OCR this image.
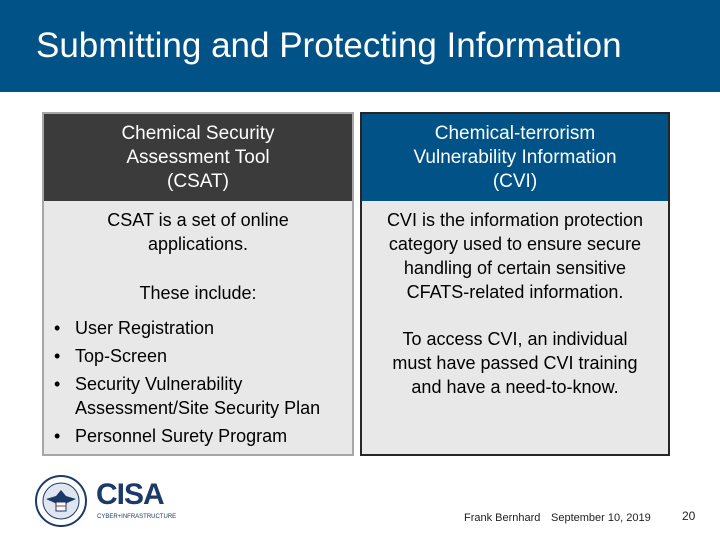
Submitting and Protecting Information
Chemical Security
Assessment Tool
(CSAT)

CSAT is a set of online
applications.

These include:

• User Registration
• Top-Screen
• Security Vulnerability
Assessment/Site Security Plan
• Personnel Surety Program
Chemical-terrorism
Vulnerability Information
(CVI)

CVI is the information protection
category used to ensure secure
handling of certain sensitive
CFATS-related information.

To access CVI, an individual
must have passed CVI training
and have a need-to-know.

CISA
CYBER+INFRASTRUCTURE	Frank Bernhard September 10, 2019	20
